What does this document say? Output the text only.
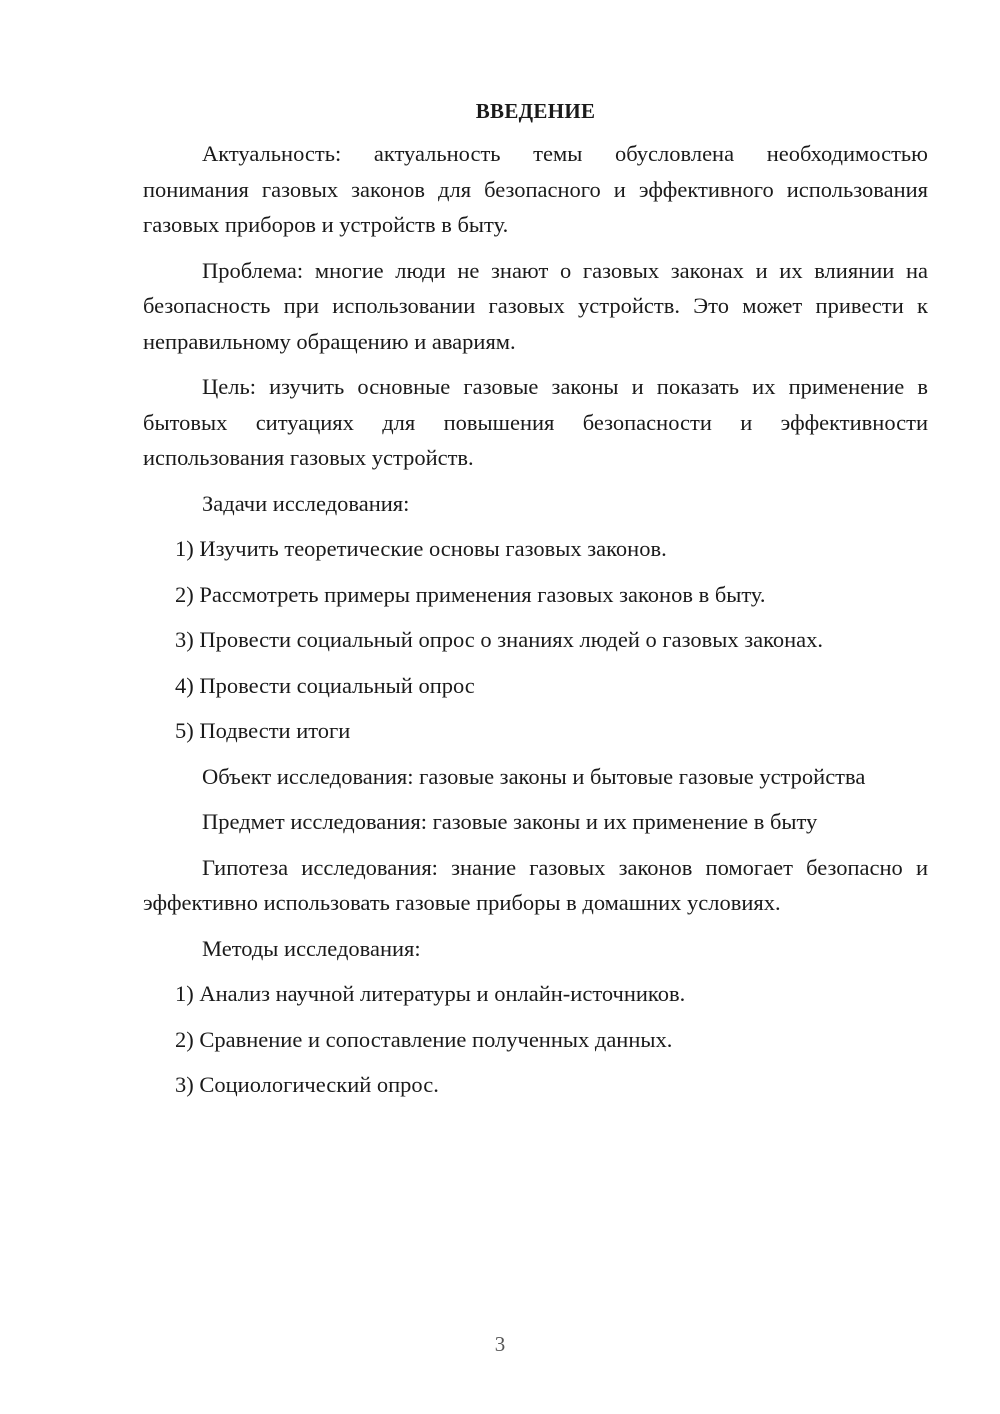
ВВЕДЕНИЕ

Актуальность: актуальность темы обусловлена необходимостью понимания газовых законов для безопасного и эффективного использования газовых приборов и устройств в быту.

Проблема: многие люди не знают о газовых законах и их влиянии на безопасность при использовании газовых устройств. Это может привести к неправильному обращению и авариям.

Цель: изучить основные газовые законы и показать их применение в бытовых ситуациях для повышения безопасности и эффективности использования газовых устройств.

Задачи исследования:

1) Изучить теоретические основы газовых законов.

2) Рассмотреть примеры применения газовых законов в быту.

3) Провести социальный опрос о знаниях людей о газовых законах.

4) Провести социальный опрос

5) Подвести итоги

Объект исследования: газовые законы и бытовые газовые устройства

Предмет исследования: газовые законы и их применение в быту

Гипотеза исследования: знание газовых законов помогает безопасно и эффективно использовать газовые приборы в домашних условиях.

Методы исследования:

1) Анализ научной литературы и онлайн-источников.

2) Сравнение и сопоставление полученных данных.

3) Социологический опрос.

3
